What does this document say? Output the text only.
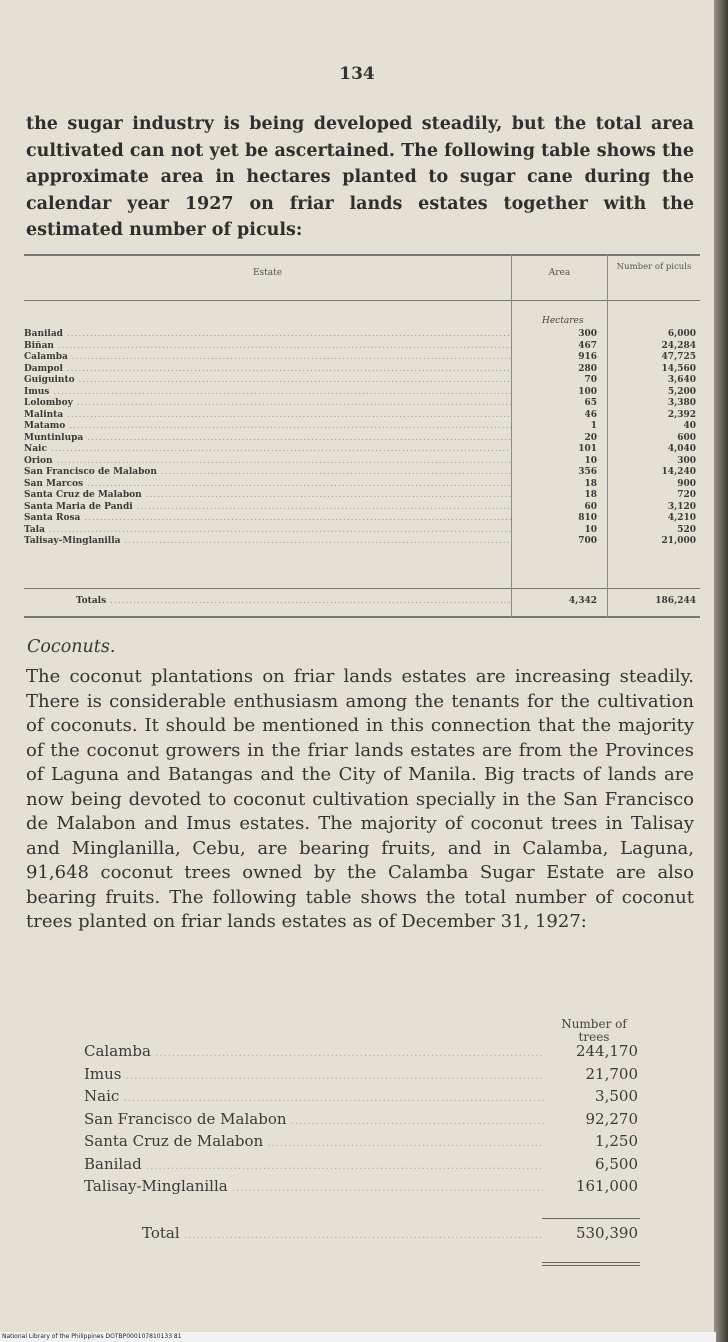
134
the sugar industry is being developed steadily, but the total area cultivated can not yet be ascertained. The following table shows the approximate area in hectares planted to sugar cane during the calendar year 1927 on friar lands estates together with the estimated number of piculs:
Estate	Area
Number of piculs
Hectares
Banilad .....	300	6,000
Biñan .....	467	24,284
Calamba .....	916	47,725
Dampol .....	280	14,560
Guiguinto .....	70	3,640
Imus .....	100	5,200
Lolomboy .....	65	3,380
Malinta .....	46	2,392
Matamo .....	1	40
Muntinlupa .....	20	600
Naic .....	101	4,040
Orion .....	10	300
San Francisco de Malabon .....	356	14,240
San Marcos .....	18	900
Santa Cruz de Malabon .....	18	720
Santa Maria de Pandi .....	60	3,120
Santa Rosa .....	810	4,210
Tala .....	10	520
Talisay-Minglanilla .....	700	21,000
Totals .....	4,342	186,244
Coconuts.
The coconut plantations on friar lands estates are increasing steadily. There is considerable enthusiasm among the tenants for the cultivation of coconuts. It should be mentioned in this connection that the majority of the coconut growers in the friar lands estates are from the Provinces of Laguna and Batangas and the City of Manila. Big tracts of lands are now being devoted to coconut cultivation specially in the San Francisco de Malabon and Imus estates. The majority of coconut trees in Talisay and Minglanilla, Cebu, are bearing fruits, and in Calamba, Laguna, 91,648 coconut trees owned by the Calamba Sugar Estate are also bearing fruits. The following table shows the total number of coconut trees planted on friar lands estates as of December 31, 1927:
Number of trees
Calamba .....	244,170
Imus .....	21,700
Naic .....	3,500
San Francisco de Malabon .....	92,270
Santa Cruz de Malabon .....	1,250
Banilad .....	6,500
Talisay-Minglanilla .....	161,000
Total .....	530,390
National Library of the Philippines DOTBP000107810133 81
